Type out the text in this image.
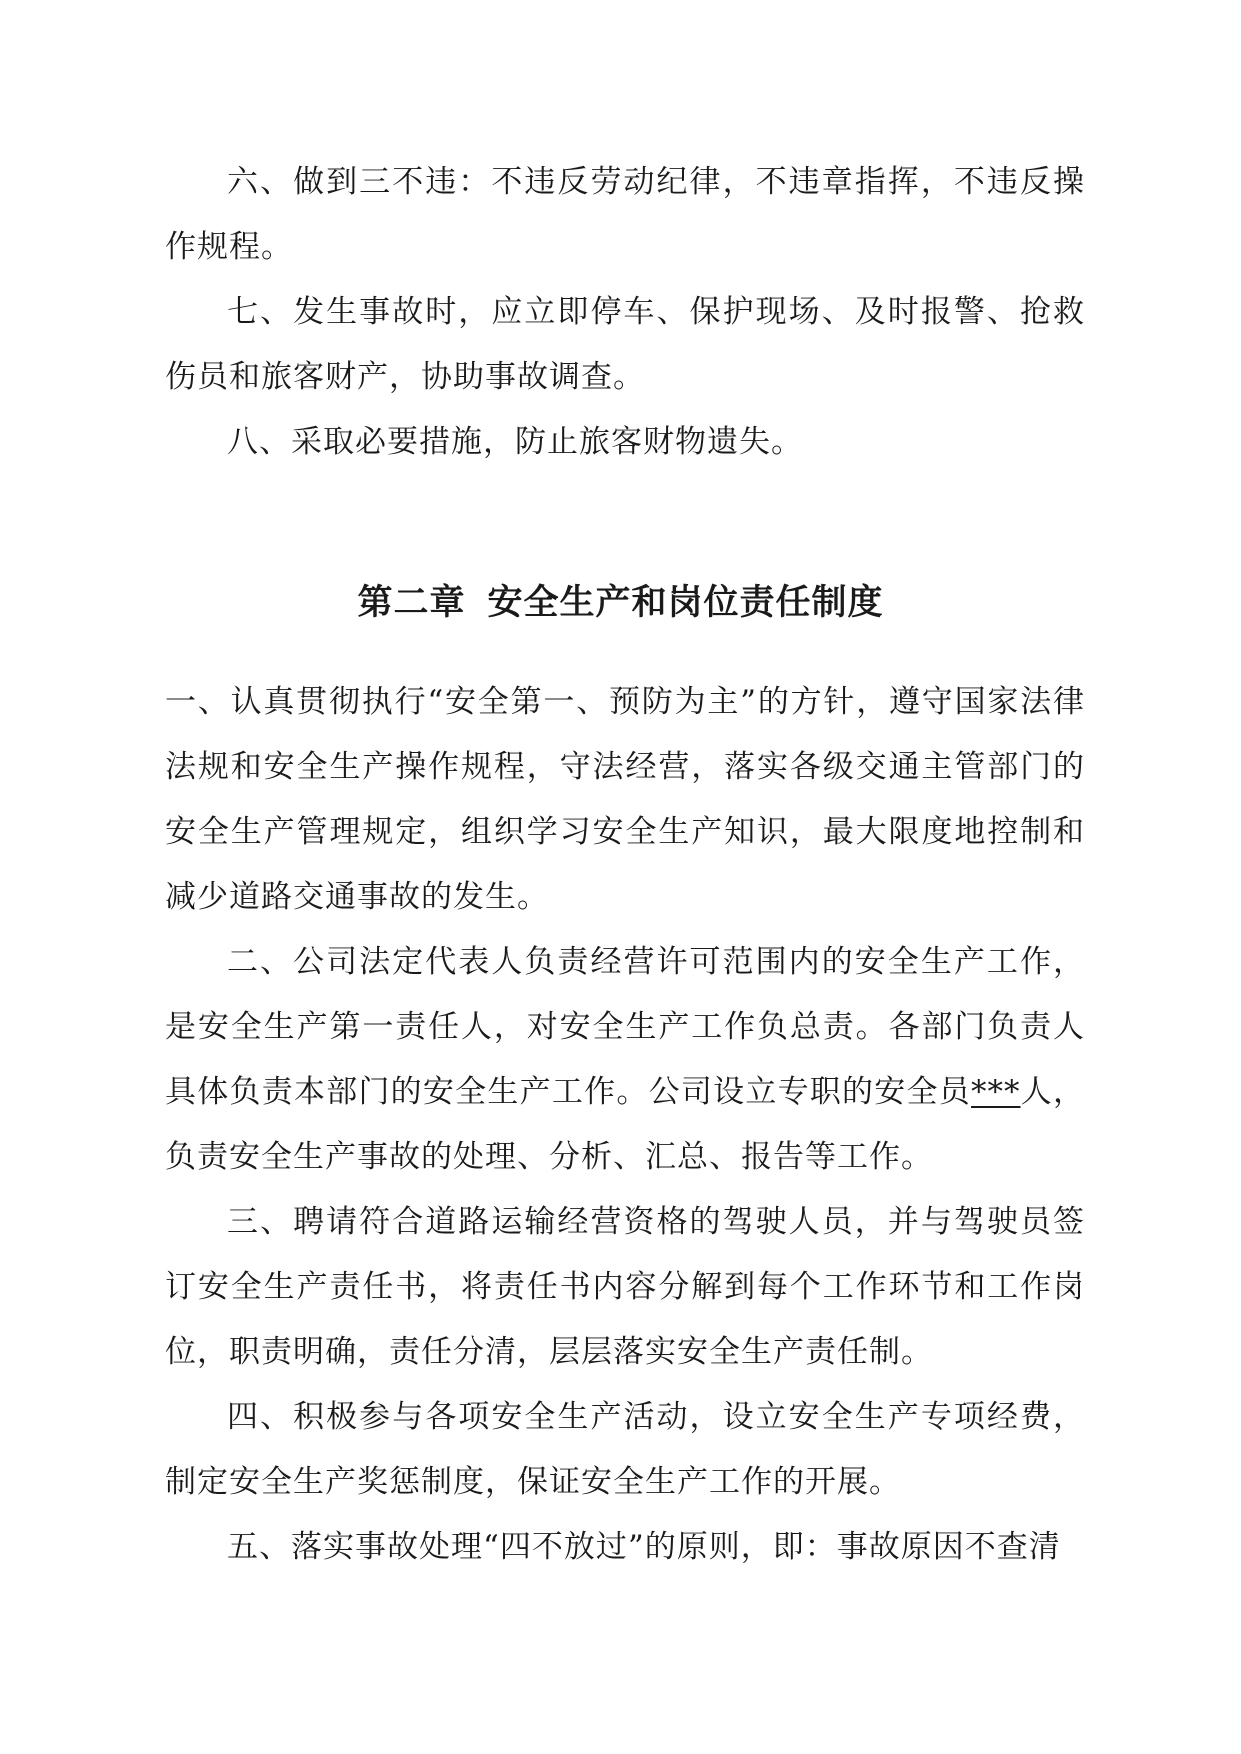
六、做到三不违：不违反劳动纪律，不违章指挥，不违反操作规程。

七、发生事故时，应立即停车、保护现场、及时报警、抢救伤员和旅客财产，协助事故调查。

八、采取必要措施，防止旅客财物遗失。

第二章 安全生产和岗位责任制度

一、认真贯彻执行“安全第一、预防为主”的方针，遵守国家法律法规和安全生产操作规程，守法经营，落实各级交通主管部门的安全生产管理规定，组织学习安全生产知识，最大限度地控制和减少道路交通事故的发生。

二、公司法定代表人负责经营许可范围内的安全生产工作，是安全生产第一责任人，对安全生产工作负总责。各部门负责人具体负责本部门的安全生产工作。公司设立专职的安全员***人，负责安全生产事故的处理、分析、汇总、报告等工作。

三、聘请符合道路运输经营资格的驾驶人员，并与驾驶员签订安全生产责任书，将责任书内容分解到每个工作环节和工作岗位，职责明确，责任分清，层层落实安全生产责任制。

四、积极参与各项安全生产活动，设立安全生产专项经费，制定安全生产奖惩制度，保证安全生产工作的开展。

五、落实事故处理“四不放过”的原则，即：事故原因不查清
